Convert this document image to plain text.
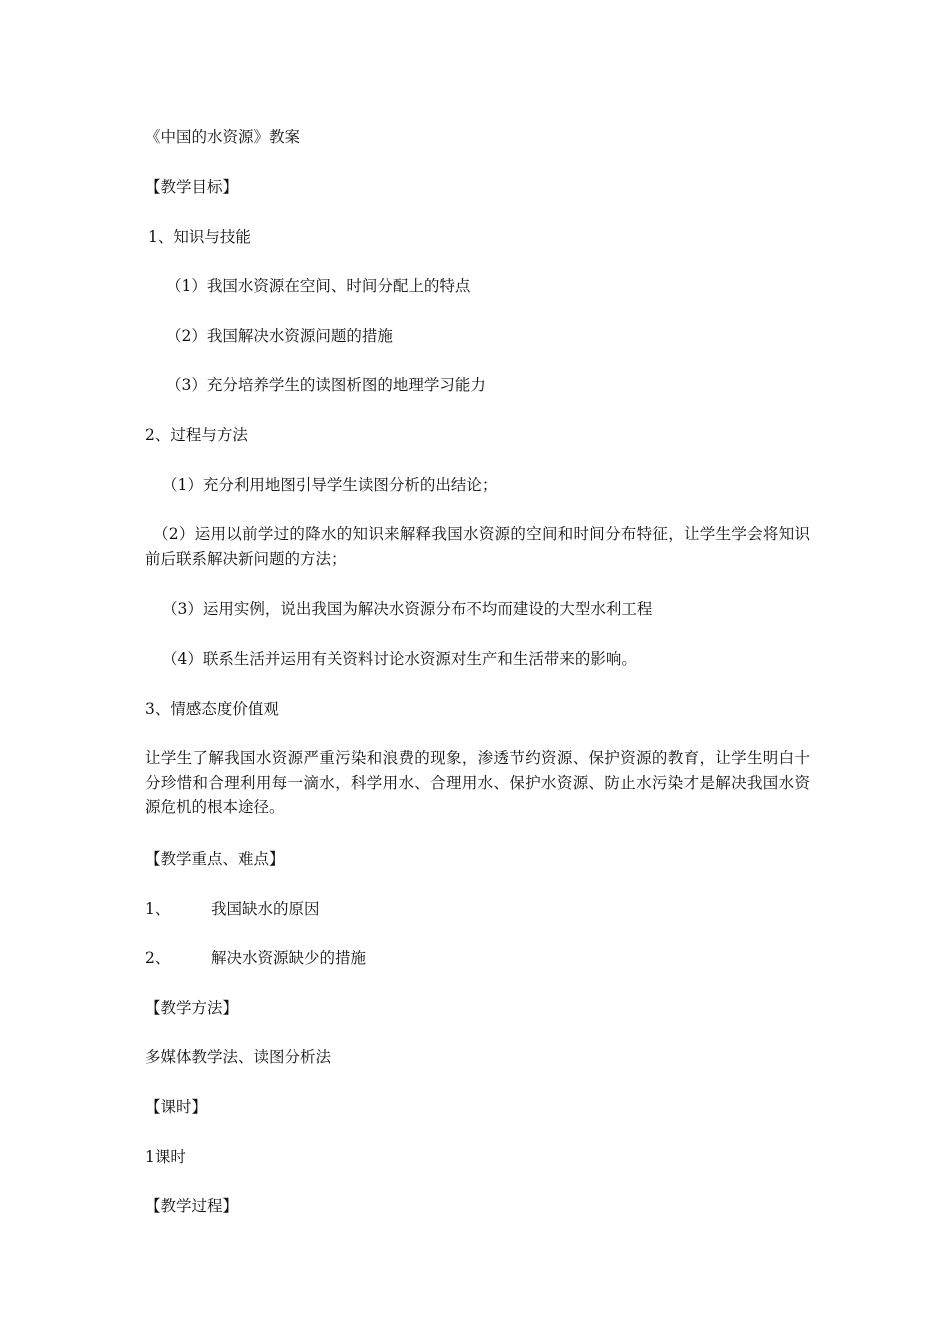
《中国的水资源》教案
【教学目标】
1、知识与技能
（1）我国水资源在空间、时间分配上的特点
（2）我国解决水资源问题的措施
（3）充分培养学生的读图析图的地理学习能力
2、过程与方法
（1）充分利用地图引导学生读图分析的出结论；
（2）运用以前学过的降水的知识来解释我国水资源的空间和时间分布特征，让学生学会将知识前后联系解决新问题的方法；
（3）运用实例，说出我国为解决水资源分布不均而建设的大型水利工程
（4）联系生活并运用有关资料讨论水资源对生产和生活带来的影响。
3、情感态度价值观
让学生了解我国水资源严重污染和浪费的现象，渗透节约资源、保护资源的教育，让学生明白十分珍惜和合理利用每一滴水，科学用水、合理用水、保护水资源、防止水污染才是解决我国水资源危机的根本途径。
【教学重点、难点】
1、	我国缺水的原因
2、	解决水资源缺少的措施
【教学方法】
多媒体教学法、读图分析法
【课时】
1课时
【教学过程】
